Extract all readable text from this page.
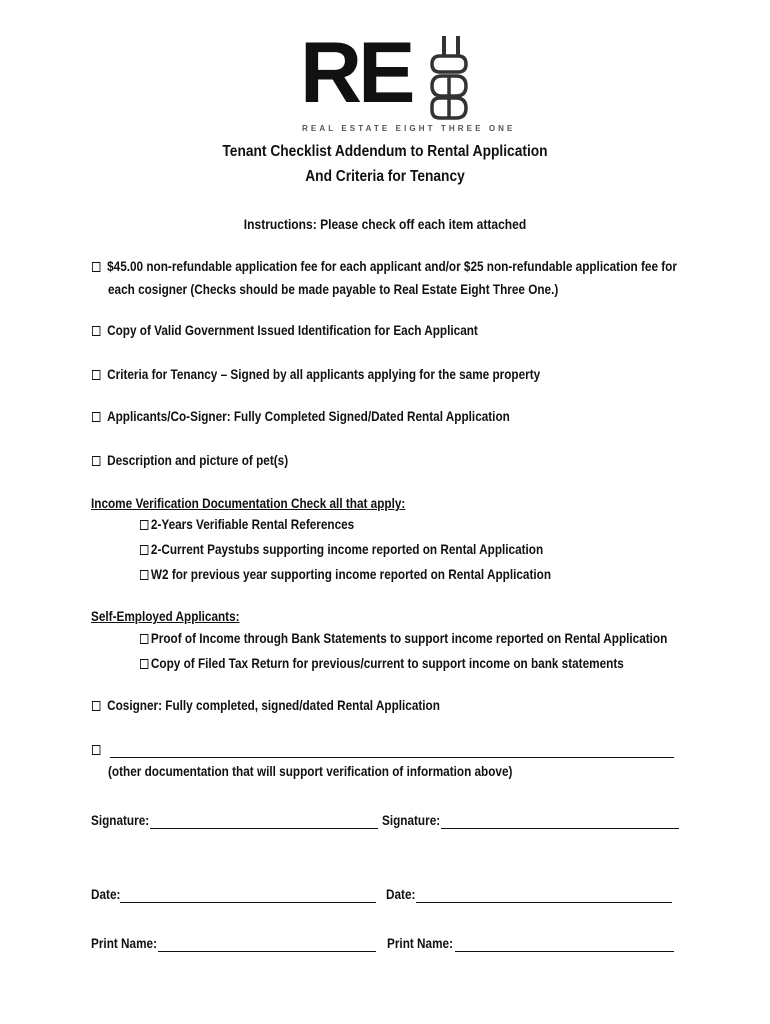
RE
REAL ESTATE EIGHT THREE ONE
Tenant Checklist Addendum to Rental Application
And Criteria for Tenancy
Instructions: Please check off each item attached
$45.00 non-refundable application fee for each applicant and/or $25 non-refundable application fee for
each cosigner (Checks should be made payable to Real Estate Eight Three One.)
Copy of Valid Government Issued Identification for Each Applicant
Criteria for Tenancy – Signed by all applicants applying for the same property
Applicants/Co-Signer: Fully Completed Signed/Dated Rental Application
Description and picture of pet(s)
Income Verification Documentation Check all that apply:
2-Years Verifiable Rental References
2-Current Paystubs supporting income reported on Rental Application
W2 for previous year supporting income reported on Rental Application
Self-Employed Applicants:
Proof of Income through Bank Statements to support income reported on Rental Application
Copy of Filed Tax Return for previous/current to support income on bank statements
Cosigner: Fully completed, signed/dated Rental Application
(other documentation that will support verification of information above)
Signature:	Signature:
Date:	Date:
Print Name:	Print Name:
